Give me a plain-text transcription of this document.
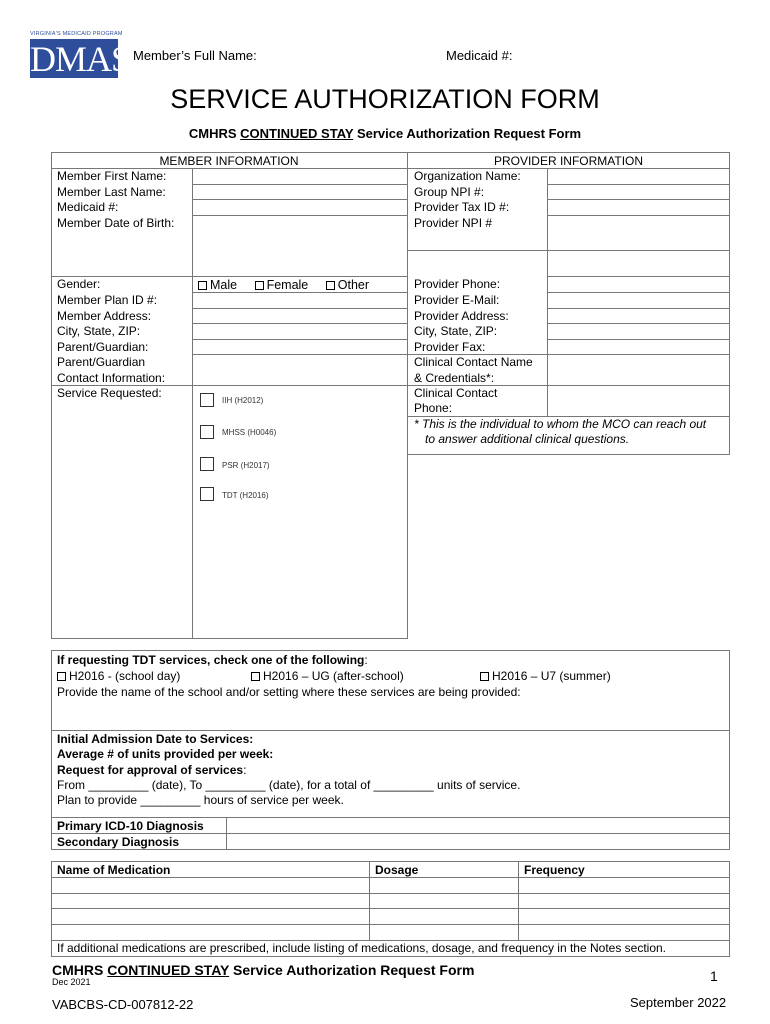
VIRGINIA'S MEDICAID PROGRAM
DMAS Member’s Full Name:	Medicaid #:
SERVICE AUTHORIZATION FORM
CMHRS CONTINUED STAY Service Authorization Request Form
MEMBER INFORMATION	PROVIDER INFORMATION
Member First Name:
Member Last Name:
Medicaid #:
Member Date of Birth:
Gender:	Male Female Other
Member Plan ID #:
Member Address:
City, State, ZIP:
Parent/Guardian:
Parent/Guardian
Contact Information:
Service Requested:
IIH (H2012)
MHSS (H0046)
PSR (H2017)
TDT (H2016)
Organization Name:
Group NPI #:
Provider Tax ID #:
Provider NPI #
Provider Phone:
Provider E-Mail:
Provider Address:
City, State, ZIP:
Provider Fax:
Clinical Contact Name
& Credentials*:
Clinical Contact
Phone:
* This is the individual to whom the MCO can reach out
to answer additional clinical questions.
If requesting TDT services, check one of the following:
H2016 - (school day)	H2016 – UG (after-school)	H2016 – U7 (summer)
Provide the name of the school and/or setting where these services are being provided:
Initial Admission Date to Services:
Average # of units provided per week:
Request for approval of services:
From _________ (date), To _________ (date), for a total of _________ units of service.
Plan to provide _________ hours of service per week.
Primary ICD-10 Diagnosis
Secondary Diagnosis
Name of Medication	Dosage	Frequency
If additional medications are prescribed, include listing of medications, dosage, and frequency in the Notes section.
CMHRS CONTINUED STAY Service Authorization Request Form
Dec 2021	1
VABCBS-CD-007812-22	September 2022
